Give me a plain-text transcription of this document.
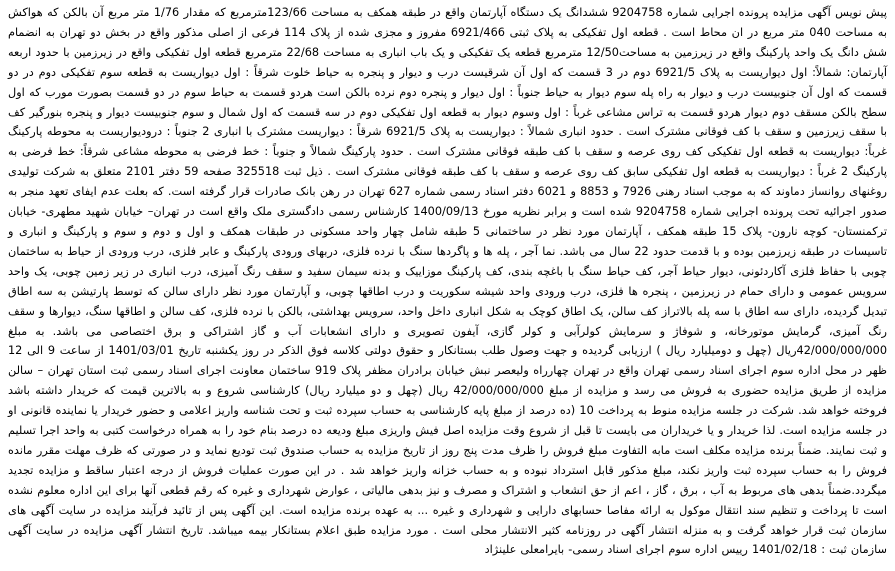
پیش نویس آگهی مزایده پرونده اجرایی شماره 9204758 ششدانگ یک دستگاه آپارتمان واقع در طبقه همکف به مساحت 123/66مترمربع که مقدار 1/76 متر مربع آن بالکن که هواکش به مساحت 040 متر مربع در ان محاط است . قطعه اول تفکیکی به پلاک ثبتی 6921/466 مفروز و مجزی شده از پلاک 114 فرعی از اصلی مذکور واقع در بخش دو تهران به انضمام شش دانگ یک واحد پارکینگ واقع در زیرزمین به مساحت12/50 مترمربع قطعه یک تفکیکی و یک باب انباری به مساحت 22/68 مترمربع قطعه اول تفکیکی واقع در زیرزمین با حدود اربعه آپارتمان: شمالاً: اول دیواریست به پلاک 6921/5 دوم در 3 قسمت که اول آن شرقیست درب و دیوار و پنجره به حیاط خلوت شرقاً : اول دیواریست به قطعه سوم تفکیکی دوم در دو قسمت که اول آن جنوبیست درب و دیوار به راه پله سوم دیوار به حیاط جنوباً : اول دیوار و پنجره دوم نرده بالکن است هردو قسمت به حیاط سوم در دو قسمت بصورت مورب که اول سطح بالکن مسقف دوم دیوار هردو قسمت به تراس مشاعی غرباً : اول وسوم دیوار به قطعه اول تفکیکی دوم در سه قسمت که اول شمال و سوم جنوبیست دیوار و پنجره بنورگیر کف با سقف زیرزمین و سقف با کف فوقانی مشترک است . حدود انباری شمالاً : دیواریست به پلاک 6921/5 شرقاً : دیواریست مشترک با انباری 2 جنوباً : درودیواریست به محوطه پارکینگ غرباً: دیواریست به قطعه اول تفکیکی کف روی عرصه و سقف با کف طبقه فوقانی مشترک است . حدود پارکینگ شمالاً و جنوباً : خط فرضی به محوطه مشاعی شرقاً: خط فرضی به پارکینگ 2 غرباً : دیواریست به قطعه اول تفکیکی سابق کف روی عرصه و سقف با کف طبقه فوقانی مشترک است . ذیل ثبت 325518 صفحه 59 دفتر 2101 متعلق به شرکت تولیدی روغنهای روانساز دماوند که به موجب اسناد رهنی 7926 و 8853 و 6021 دفتر اسناد رسمی شماره 627 تهران در رهن بانک صادرات قرار گرفته است. که بعلت عدم ایفای تعهد منجر به صدور اجرائیه تحت پرونده اجرایی شماره 9204758 شده است و برابر نظریه مورخ 1400/09/13 کارشناس رسمی دادگستری ملک واقع است در تهران– خیابان شهید مطهری- خیابان ترکمنستان- کوچه نارون- پلاک 15 طبقه همکف ، آپارتمان مورد نظر در ساختمانی 5 طبقه شامل چهار واحد مسکونی در طبقات همکف و اول و دوم و سوم و پارکینگ و انباری و تاسیسات در طبقه زیرزمین بوده و با قدمت حدود 22 سال می باشد. نما آجر ، پله ها و پاگردها سنگ با نرده فلزی، دربهای ورودی پارکینگ و عابر فلزی، درب ورودی از حیاط به ساختمان چوبی با حفاظ فلزی آکاردئونی، دیوار حیاط آجر، کف حیاط سنگ با باغچه بندی، کف پارکینگ موزاییک و بدنه سیمان سفید و سقف رنگ آمیزی، درب انباری در زیر زمین چوبی، یک واحد سرویس عمومی و دارای حمام در زیرزمین ، پنجره ها فلزی، درب ورودی واحد شیشه سکوریت و درب اطاقها چوبی، و آپارتمان مورد نظر دارای سالن که توسط پارتیشن به سه اطاق تبدیل گردیده، دارای سه اطاق با سه پله بالاتراز کف سالن، یک اطاق کوچک به شکل انباری داخل واحد، سرویس بهداشتی، بالکن با نرده فلزی، کف سالن و اطاقها سنگ، دیوارها و سقف رنگ آمیزی، گرمایش موتورخانه، و شوفاژ و سرمایش کولرآبی و کولر گازی، آیفون تصویری و دارای انشعابات آب و گاز اشتراکی و برق اختصاصی می باشد. به مبلغ 42/000/000/000ریال (چهل و دومیلیارد ریال ) ارزیابی گردیده و جهت وصول طلب بستانکار و حقوق دولتی کلاسه فوق الذکر در روز یکشنبه تاریخ 1401/03/01 از ساعت 9 الی 12 ظهر در محل اداره سوم اجرای اسناد رسمی تهران واقع در تهران چهارراه ولیعصر نبش خیابان برادران مظفر پلاک 919 ساختمان معاونت اجرای اسناد رسمی ثبت استان تهران – سالن مزایده از طریق مزایده حضوری به فروش می رسد و مزایده از مبلغ 42/000/000/000 ریال (چهل و دو میلیارد ریال) کارشناسی شروع و به بالاترین قیمت که خریدار داشته باشد فروخته خواهد شد. شرکت در جلسه مزایده منوط به پرداخت 10 (ده درصد از مبلغ پایه کارشناسی به حساب سپرده ثبت و تحت شناسه واریز اعلامی و حضور خریدار یا نماینده قانونی او در جلسه مزایده است. لذا خریدار و یا خریداران می بایست تا قبل از شروع وقت مزایده اصل فیش واریزی مبلغ ودیعه ده درصد بنام خود را به همراه درخواست کتبی به واحد اجرا تسلیم و ثبت نمایند. ضمناً برنده مزایده مکلف است مابه التفاوت مبلغ فروش را ظرف مدت پنج روز از تاریخ مزایده به حساب صندوق ثبت تودیع نماید و در صورتی که ظرف مهلت مقرر مانده فروش را به حساب سپرده ثبت واریز نکند، مبلغ مذکور قابل استرداد نبوده و به حساب خزانه واریز خواهد شد . در این صورت عملیات فروش از درجه اعتبار ساقط و مزایده تجدید میگردد.ضمناً بدهی های مربوط به آب ، برق ، گاز ، اعم از حق انشعاب و اشتراک و مصرف و نیز بدهی مالیاتی ، عوارض شهرداری و غیره که رقم قطعی آنها برای این اداره معلوم نشده است تا پرداخت و تنظیم سند انتقال موکول به ارائه مفاصا حسابهای دارایی و شهرداری و غیره ... به عهده برنده مزایده است. این آگهی پس از تائید فرآیند مزایده در سایت آگهی های سازمان ثبت قرار خواهد گرفت و به منزله انتشار آگهی در روزنامه کثیر الانتشار محلی است . مورد مزایده طبق اعلام بستانکار بیمه میباشد. تاریخ انتشار آگهی مزایده در سایت آگهی سازمان ثبت : 1401/02/18 رییس اداره سوم اجرای اسناد رسمی- بایرامعلی علینژاد
